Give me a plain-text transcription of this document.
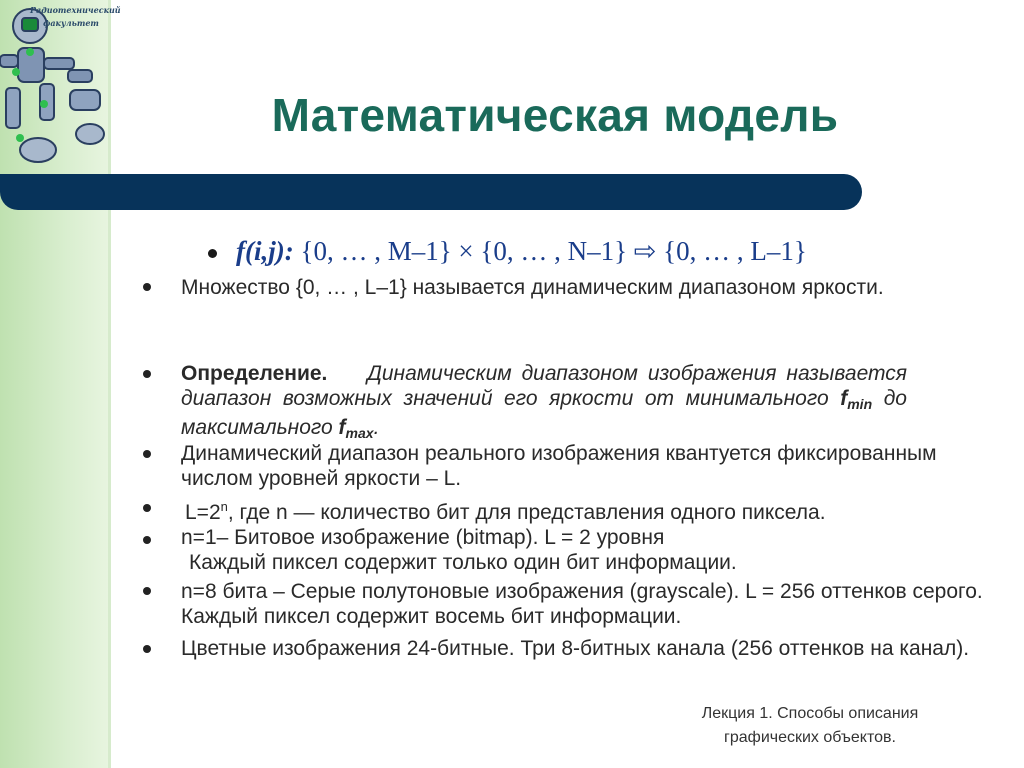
Радиотехнический
факультет
Математическая модель
f(i,j): {0, … , M–1} × {0, … , N–1} ⇨ {0, … , L–1}
Множество {0, … , L–1} называется динамическим диапазоном яркости.
Определение. Динамическим диапазоном изображения называется диапазон возможных значений его яркости от минимального $f_{min}$ до максимального $f_{max}$.
Динамический диапазон реального изображения квантуется фиксированным числом уровней яркости – L.
$L=2^n$, где n — количество бит для представления одного пиксела.
n=1– Битовое изображение (bitmap). L = 2 уровня
Каждый пиксел содержит только один бит информации.
n=8 бита – Серые полутоновые изображения (grayscale). L = 256 оттенков серого. Каждый пиксел содержит восемь бит информации.
Цветные изображения 24-битные. Три 8-битных канала (256 оттенков на канал).
Лекция 1. Способы описания
графических объектов.
